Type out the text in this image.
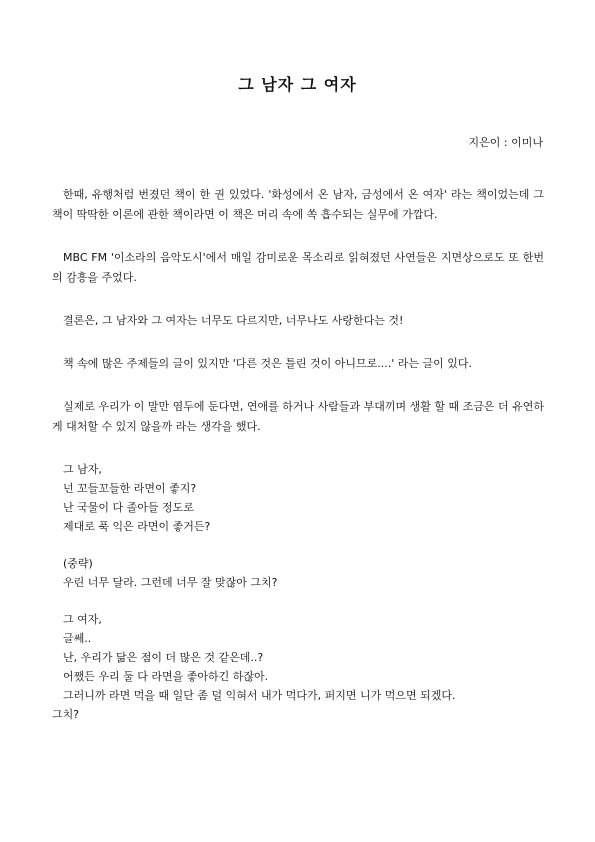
그 남자 그 여자
지은이 : 이미나

한때, 유행처럼 번졌던 책이 한 권 있었다. '화성에서 온 남자, 금성에서 온 여자' 라는 책이었는데 그 책이 딱딱한 이론에 관한 책이라면 이 책은 머리 속에 쏙 흡수되는 실무에 가깝다.

MBC FM '이소라의 음악도시'에서 매일 감미로운 목소리로 읽혀졌던 사연들은 지면상으로도 또 한번의 감흥을 주었다.

결론은, 그 남자와 그 여자는 너무도 다르지만, 너무나도 사랑한다는 것!

책 속에 많은 주제들의 글이 있지만 '다른 것은 틀린 것이 아니므로....' 라는 글이 있다.

실제로 우리가 이 말만 염두에 둔다면, 연애를 하거나 사람들과 부대끼며 생활 할 때 조금은 더 유연하게 대처할 수 있지 않을까 라는 생각을 했다.

그 남자,
넌 꼬들꼬들한 라면이 좋지?
난 국물이 다 졸아들 정도로
제대로 푹 익은 라면이 좋거든?
(중략)
우린 너무 달라. 그런데 너무 잘 맞잖아 그치?
그 여자,
글쎄..
난, 우리가 닮은 점이 더 많은 것 같은데..?
어쨌든 우리 둘 다 라면을 좋아하긴 하잖아.
그러니까 라면 먹을 때 일단 좀 덜 익혀서 내가 먹다가, 퍼지면 니가 먹으면 되겠다.
그치?
